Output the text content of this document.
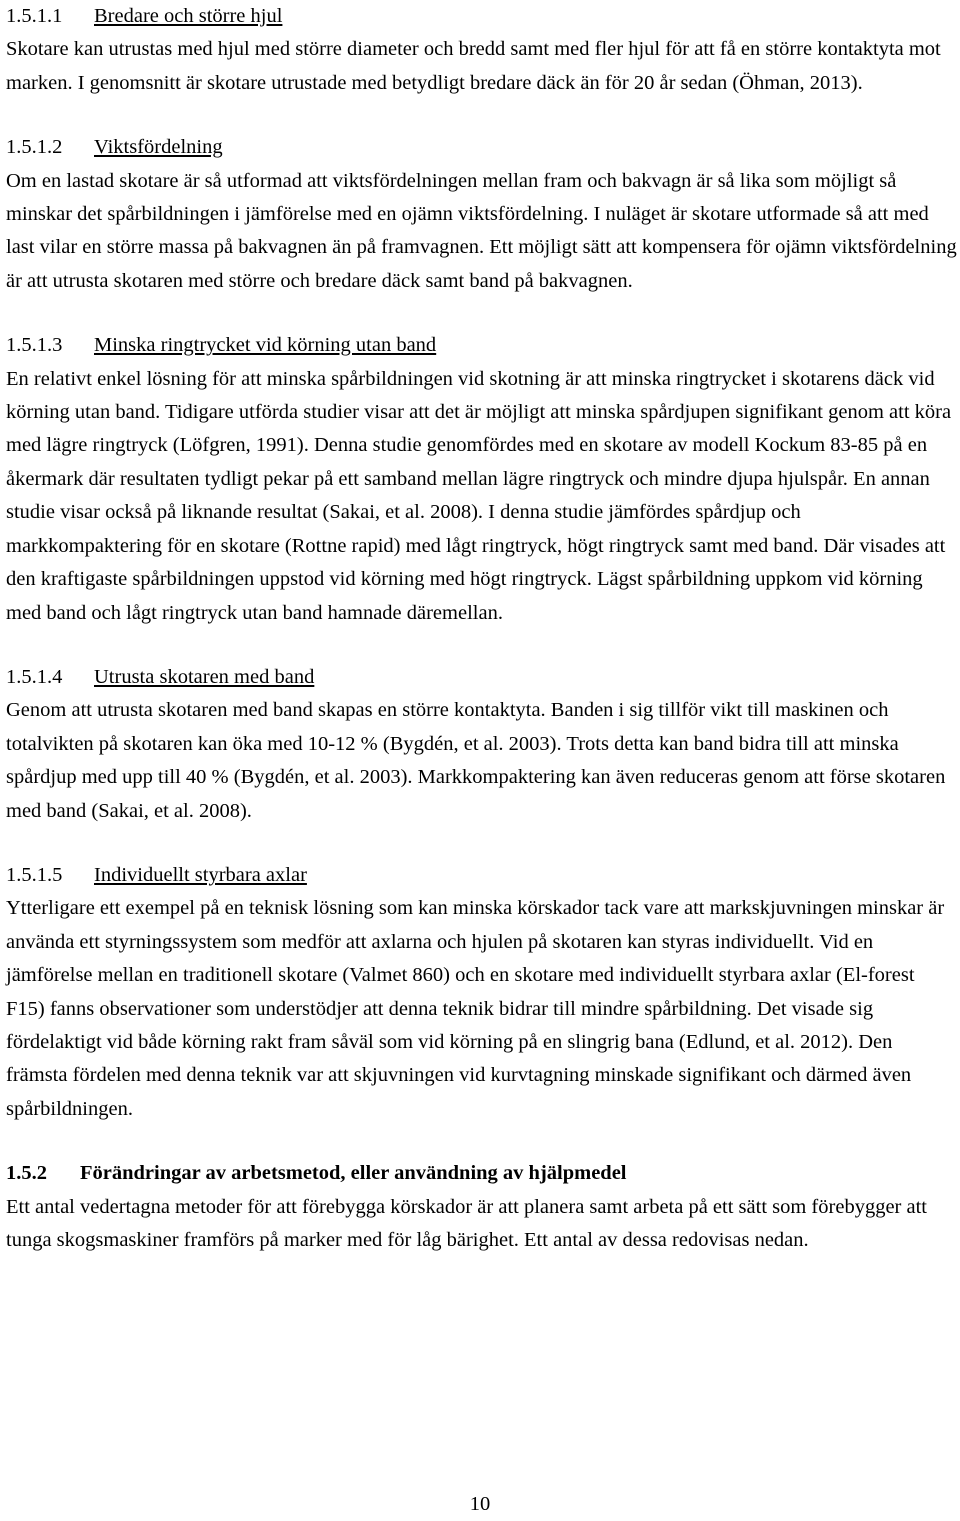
1.5.1.1 Bredare och större hjul

Skotare kan utrustas med hjul med större diameter och bredd samt med fler hjul för att få en större kontaktyta mot marken. I genomsnitt är skotare utrustade med betydligt bredare däck än för 20 år sedan (Öhman, 2013).

1.5.1.2 Viktsfördelning

Om en lastad skotare är så utformad att viktsfördelningen mellan fram och bakvagn är så lika som möjligt så minskar det spårbildningen i jämförelse med en ojämn viktsfördelning. I nuläget är skotare utformade så att med last vilar en större massa på bakvagnen än på framvagnen. Ett möjligt sätt att kompensera för ojämn viktsfördelning är att utrusta skotaren med större och bredare däck samt band på bakvagnen.

1.5.1.3 Minska ringtrycket vid körning utan band

En relativt enkel lösning för att minska spårbildningen vid skotning är att minska ringtrycket i skotarens däck vid körning utan band. Tidigare utförda studier visar att det är möjligt att minska spårdjupen signifikant genom att köra med lägre ringtryck (Löfgren, 1991). Denna studie genomfördes med en skotare av modell Kockum 83-85 på en åkermark där resultaten tydligt pekar på ett samband mellan lägre ringtryck och mindre djupa hjulspår. En annan studie visar också på liknande resultat (Sakai, et al. 2008). I denna studie jämfördes spårdjup och markkompaktering för en skotare (Rottne rapid) med lågt ringtryck, högt ringtryck samt med band. Där visades att den kraftigaste spårbildningen uppstod vid körning med högt ringtryck. Lägst spårbildning uppkom vid körning med band och lågt ringtryck utan band hamnade däremellan.

1.5.1.4 Utrusta skotaren med band

Genom att utrusta skotaren med band skapas en större kontaktyta. Banden i sig tillför vikt till maskinen och totalvikten på skotaren kan öka med 10-12 % (Bygdén, et al. 2003). Trots detta kan band bidra till att minska spårdjup med upp till 40 % (Bygdén, et al. 2003). Markkompaktering kan även reduceras genom att förse skotaren med band (Sakai, et al. 2008).

1.5.1.5 Individuellt styrbara axlar

Ytterligare ett exempel på en teknisk lösning som kan minska körskador tack vare att markskjuvningen minskar är använda ett styrningssystem som medför att axlarna och hjulen på skotaren kan styras individuellt. Vid en jämförelse mellan en traditionell skotare (Valmet 860) och en skotare med individuellt styrbara axlar (El-forest F15) fanns observationer som understödjer att denna teknik bidrar till mindre spårbildning. Det visade sig fördelaktigt vid både körning rakt fram såväl som vid körning på en slingrig bana (Edlund, et al. 2012). Den främsta fördelen med denna teknik var att skjuvningen vid kurvtagning minskade signifikant och därmed även spårbildningen.

1.5.2 Förändringar av arbetsmetod, eller användning av hjälpmedel

Ett antal vedertagna metoder för att förebygga körskador är att planera samt arbeta på ett sätt som förebygger att tunga skogsmaskiner framförs på marker med för låg bärighet. Ett antal av dessa redovisas nedan.

10
